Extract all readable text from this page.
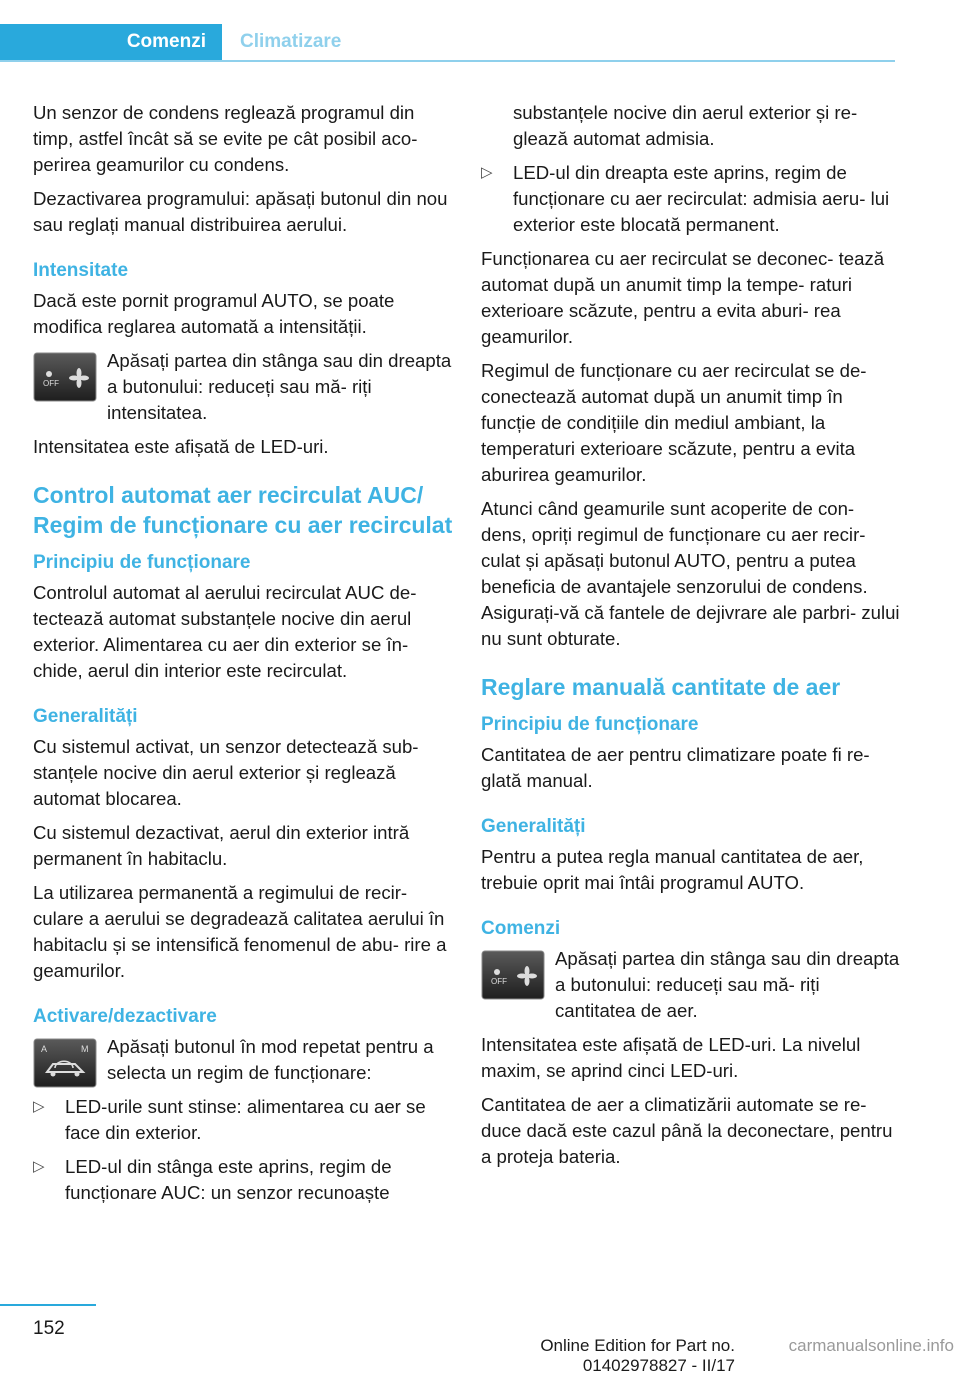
Comenzi	Climatizare

Un senzor de condens reglează programul din timp, astfel încât să se evite pe cât posibil aco‐ perirea geamurilor cu condens.

Dezactivarea programului: apăsați butonul din nou sau reglați manual distribuirea aerului.

Intensitate

Dacă este pornit programul AUTO, se poate modifica reglarea automată a intensității.

OFF

Apăsați partea din stânga sau din dreapta a butonului: reduceți sau mă‐ riți intensitatea.

Intensitatea este afișată de LED-uri.

Control automat aer recirculat AUC/ Regim de funcționare cu aer recirculat
Principiu de funcționare

Controlul automat al aerului recirculat AUC de‐ tectează automat substanțele nocive din aerul exterior. Alimentarea cu aer din exterior se în‐ chide, aerul din interior este recirculat.

Generalități

Cu sistemul activat, un senzor detectează sub‐ stanțele nocive din aerul exterior și reglează automat blocarea.

Cu sistemul dezactivat, aerul din exterior intră permanent în habitaclu.

La utilizarea permanentă a regimului de recir‐ culare a aerului se degradează calitatea aerului în habitaclu și se intensifică fenomenul de abu‐ rire a geamurilor.

Activare/dezactivare
A	M Apăsați butonul în mod repetat pentru a selecta un regim de funcționare:

▷ LED-urile sunt stinse: alimentarea cu aer se face din exterior.
▷ LED-ul din stânga este aprins, regim de funcționare AUC: un senzor recunoaște
substanțele nocive din aerul exterior și re‐ glează automat admisia.
▷ LED-ul din dreapta este aprins, regim de funcționare cu aer recirculat: admisia aeru‐ lui exterior este blocată permanent.

Funcționarea cu aer recirculat se deconec‐ tează automat după un anumit timp la tempe‐ raturi exterioare scăzute, pentru a evita aburi‐ rea geamurilor.

Regimul de funcționare cu aer recirculat se de‐ conectează automat după un anumit timp în funcție de condițiile din mediul ambiant, la temperaturi exterioare scăzute, pentru a evita aburirea geamurilor.

Atunci când geamurile sunt acoperite de con‐ dens, opriți regimul de funcționare cu aer recir‐ culat și apăsați butonul AUTO, pentru a putea beneficia de avantajele senzorului de condens. Asigurați-vă că fantele de dejivrare ale parbri‐ zului nu sunt obturate.

Reglare manuală cantitate de aer
Principiu de funcționare

Cantitatea de aer pentru climatizare poate fi re‐ glată manual.

Generalități

Pentru a putea regla manual cantitatea de aer, trebuie oprit mai întâi programul AUTO.

Comenzi
OFF

Apăsați partea din stânga sau din dreapta a butonului: reduceți sau mă‐ riți cantitatea de aer.

Intensitatea este afișată de LED-uri. La nivelul maxim, se aprind cinci LED-uri.

Cantitatea de aer a climatizării automate se re‐ duce dacă este cazul până la deconectare, pentru a proteja bateria.

152
Online Edition for Part no. 01402978827 - II/17
carmanualsonline.info
